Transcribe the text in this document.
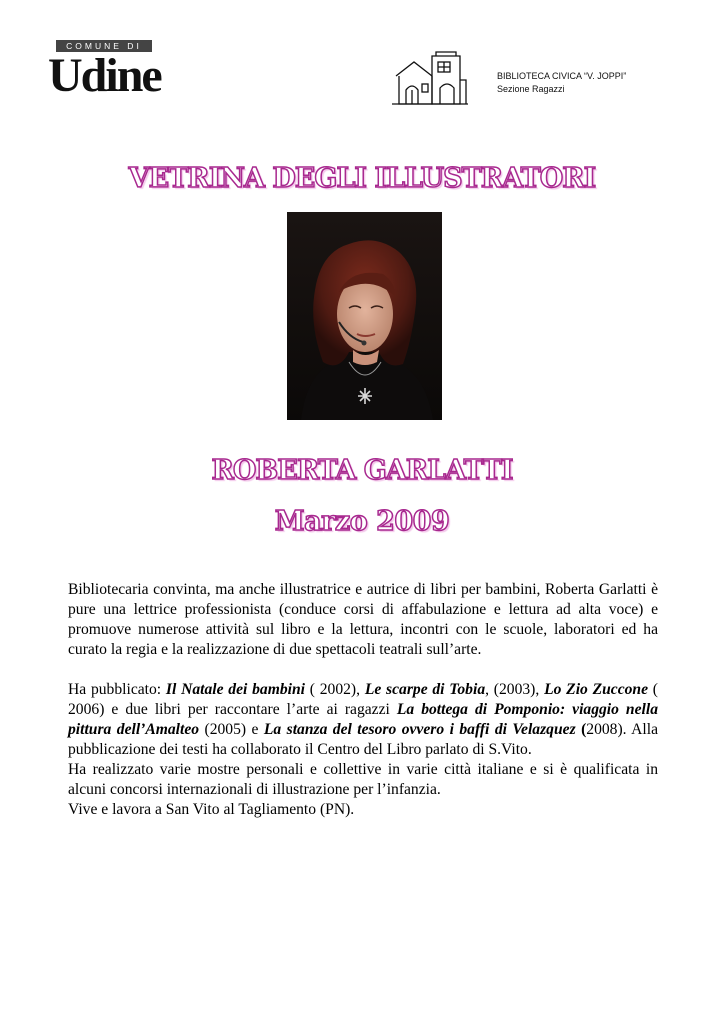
COMUNE DI
Udine	BIBLIOTECA CIVICA “V. JOPPI”
Sezione Ragazzi
VETRINA DEGLI ILLUSTRATORI
ROBERTA GARLATTI
Marzo 2009

Bibliotecaria convinta, ma anche illustratrice e autrice di libri per bambini, Roberta Garlatti è pure una lettrice professionista (conduce corsi di affabulazione e lettura ad alta voce) e promuove numerose attività sul libro e la lettura, incontri con le scuole, laboratori ed ha curato la regia e la realizzazione di due spettacoli teatrali sull’arte.

Ha pubblicato: Il Natale dei bambini ( 2002), Le scarpe di Tobia, (2003), Lo Zio Zuccone ( 2006) e due libri per raccontare l’arte ai ragazzi La bottega di Pomponio: viaggio nella pittura dell’Amalteo (2005) e La stanza del tesoro ovvero i baffi di Velazquez (2008). Alla pubblicazione dei testi ha collaborato il Centro del Libro parlato di S.Vito.

Ha realizzato varie mostre personali e collettive in varie città italiane e si è qualificata in alcuni concorsi internazionali di illustrazione per l’infanzia.

Vive e lavora a San Vito al Tagliamento (PN).
